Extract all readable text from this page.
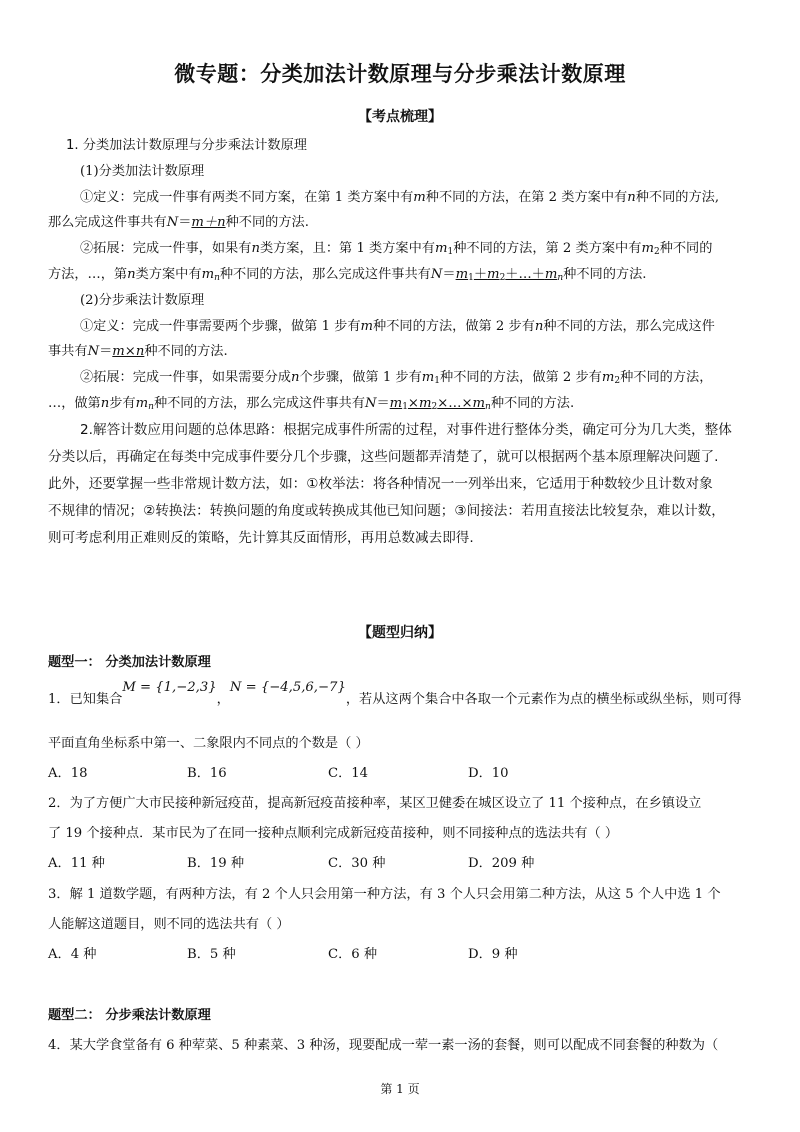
微专题：分类加法计数原理与分步乘法计数原理
【考点梳理】
1. 分类加法计数原理与分步乘法计数原理
(1)分类加法计数原理
①定义：完成一件事有两类不同方案，在第 1 类方案中有m种不同的方法，在第 2 类方案中有n种不同的方法,
那么完成这件事共有N＝m＋n种不同的方法.
②拓展：完成一件事，如果有n类方案，且：第 1 类方案中有$m_1$种不同的方法，第 2 类方案中有$m_2$种不同的
方法，…，第n类方案中有$m_n$种不同的方法，那么完成这件事共有$N=m_1+m_2+\dots+m_n$种不同的方法.
(2)分步乘法计数原理
①定义：完成一件事需要两个步骤，做第 1 步有m种不同的方法，做第 2 步有n种不同的方法，那么完成这件
事共有N＝m×n种不同的方法.
②拓展：完成一件事，如果需要分成n个步骤，做第 1 步有$m_1$种不同的方法，做第 2 步有$m_2$种不同的方法，
…，做第n步有$m_n$种不同的方法，那么完成这件事共有$N=m_1\times m_2\times\dots\times m_n$种不同的方法.
2.解答计数应用问题的总体思路：根据完成事件所需的过程，对事件进行整体分类，确定可分为几大类，整体
分类以后，再确定在每类中完成事件要分几个步骤，这些问题都弄清楚了，就可以根据两个基本原理解决问题了.
此外，还要掌握一些非常规计数方法，如：①枚举法：将各种情况一一列举出来，它适用于种数较少且计数对象
不规律的情况；②转换法：转换问题的角度或转换成其他已知问题；③间接法：若用直接法比较复杂，难以计数，
则可考虑利用正难则反的策略，先计算其反面情形，再用总数减去即得.
【题型归纳】
题型一： 分类加法计数原理
1．已知集合M = {1,−2,3}，N = {−4,5,6,−7}，若从这两个集合中各取一个元素作为点的横坐标或纵坐标，则可得
平面直角坐标系中第一、二象限内不同点的个数是（ ）
A．18	B．16	C．14	D．10
2．为了方便广大市民接种新冠疫苗，提高新冠疫苗接种率，某区卫健委在城区设立了 11 个接种点，在乡镇设立
了 19 个接种点．某市民为了在同一接种点顺利完成新冠疫苗接种，则不同接种点的选法共有（ ）
A．11 种	B．19 种	C．30 种	D．209 种
3．解 1 道数学题，有两种方法，有 2 个人只会用第一种方法，有 3 个人只会用第二种方法，从这 5 个人中选 1 个
人能解这道题目，则不同的选法共有（ ）
A．4 种	B．5 种	C．6 种	D．9 种
题型二： 分步乘法计数原理
4．某大学食堂备有 6 种荤菜、5 种素菜、3 种汤，现要配成一荤一素一汤的套餐，则可以配成不同套餐的种数为（
第 1 页
